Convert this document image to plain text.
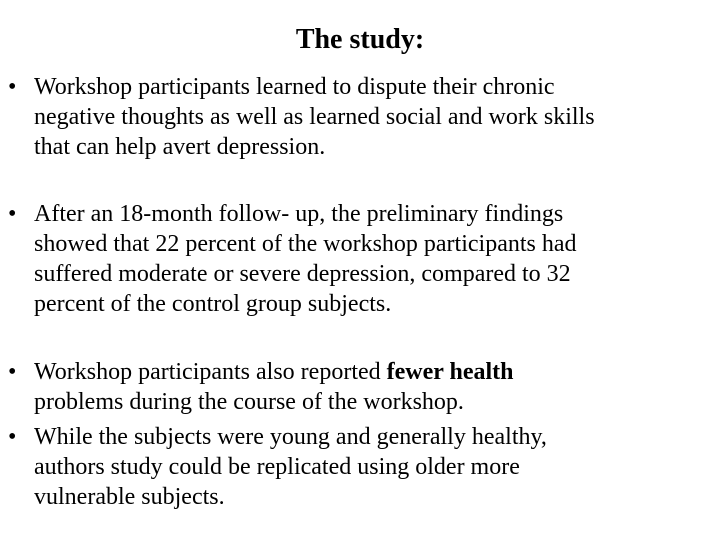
The study:
• Workshop participants learned to dispute their chronic
negative thoughts as well as learned social and work skills
that can help avert depression.
• After an 18-month follow- up, the preliminary findings
showed that 22 percent of the workshop participants had
suffered moderate or severe depression, compared to 32
percent of the control group subjects.
• Workshop participants also reported fewer health
problems during the course of the workshop.
• While the subjects were young and generally healthy,
authors study could be replicated using older more
vulnerable subjects.
